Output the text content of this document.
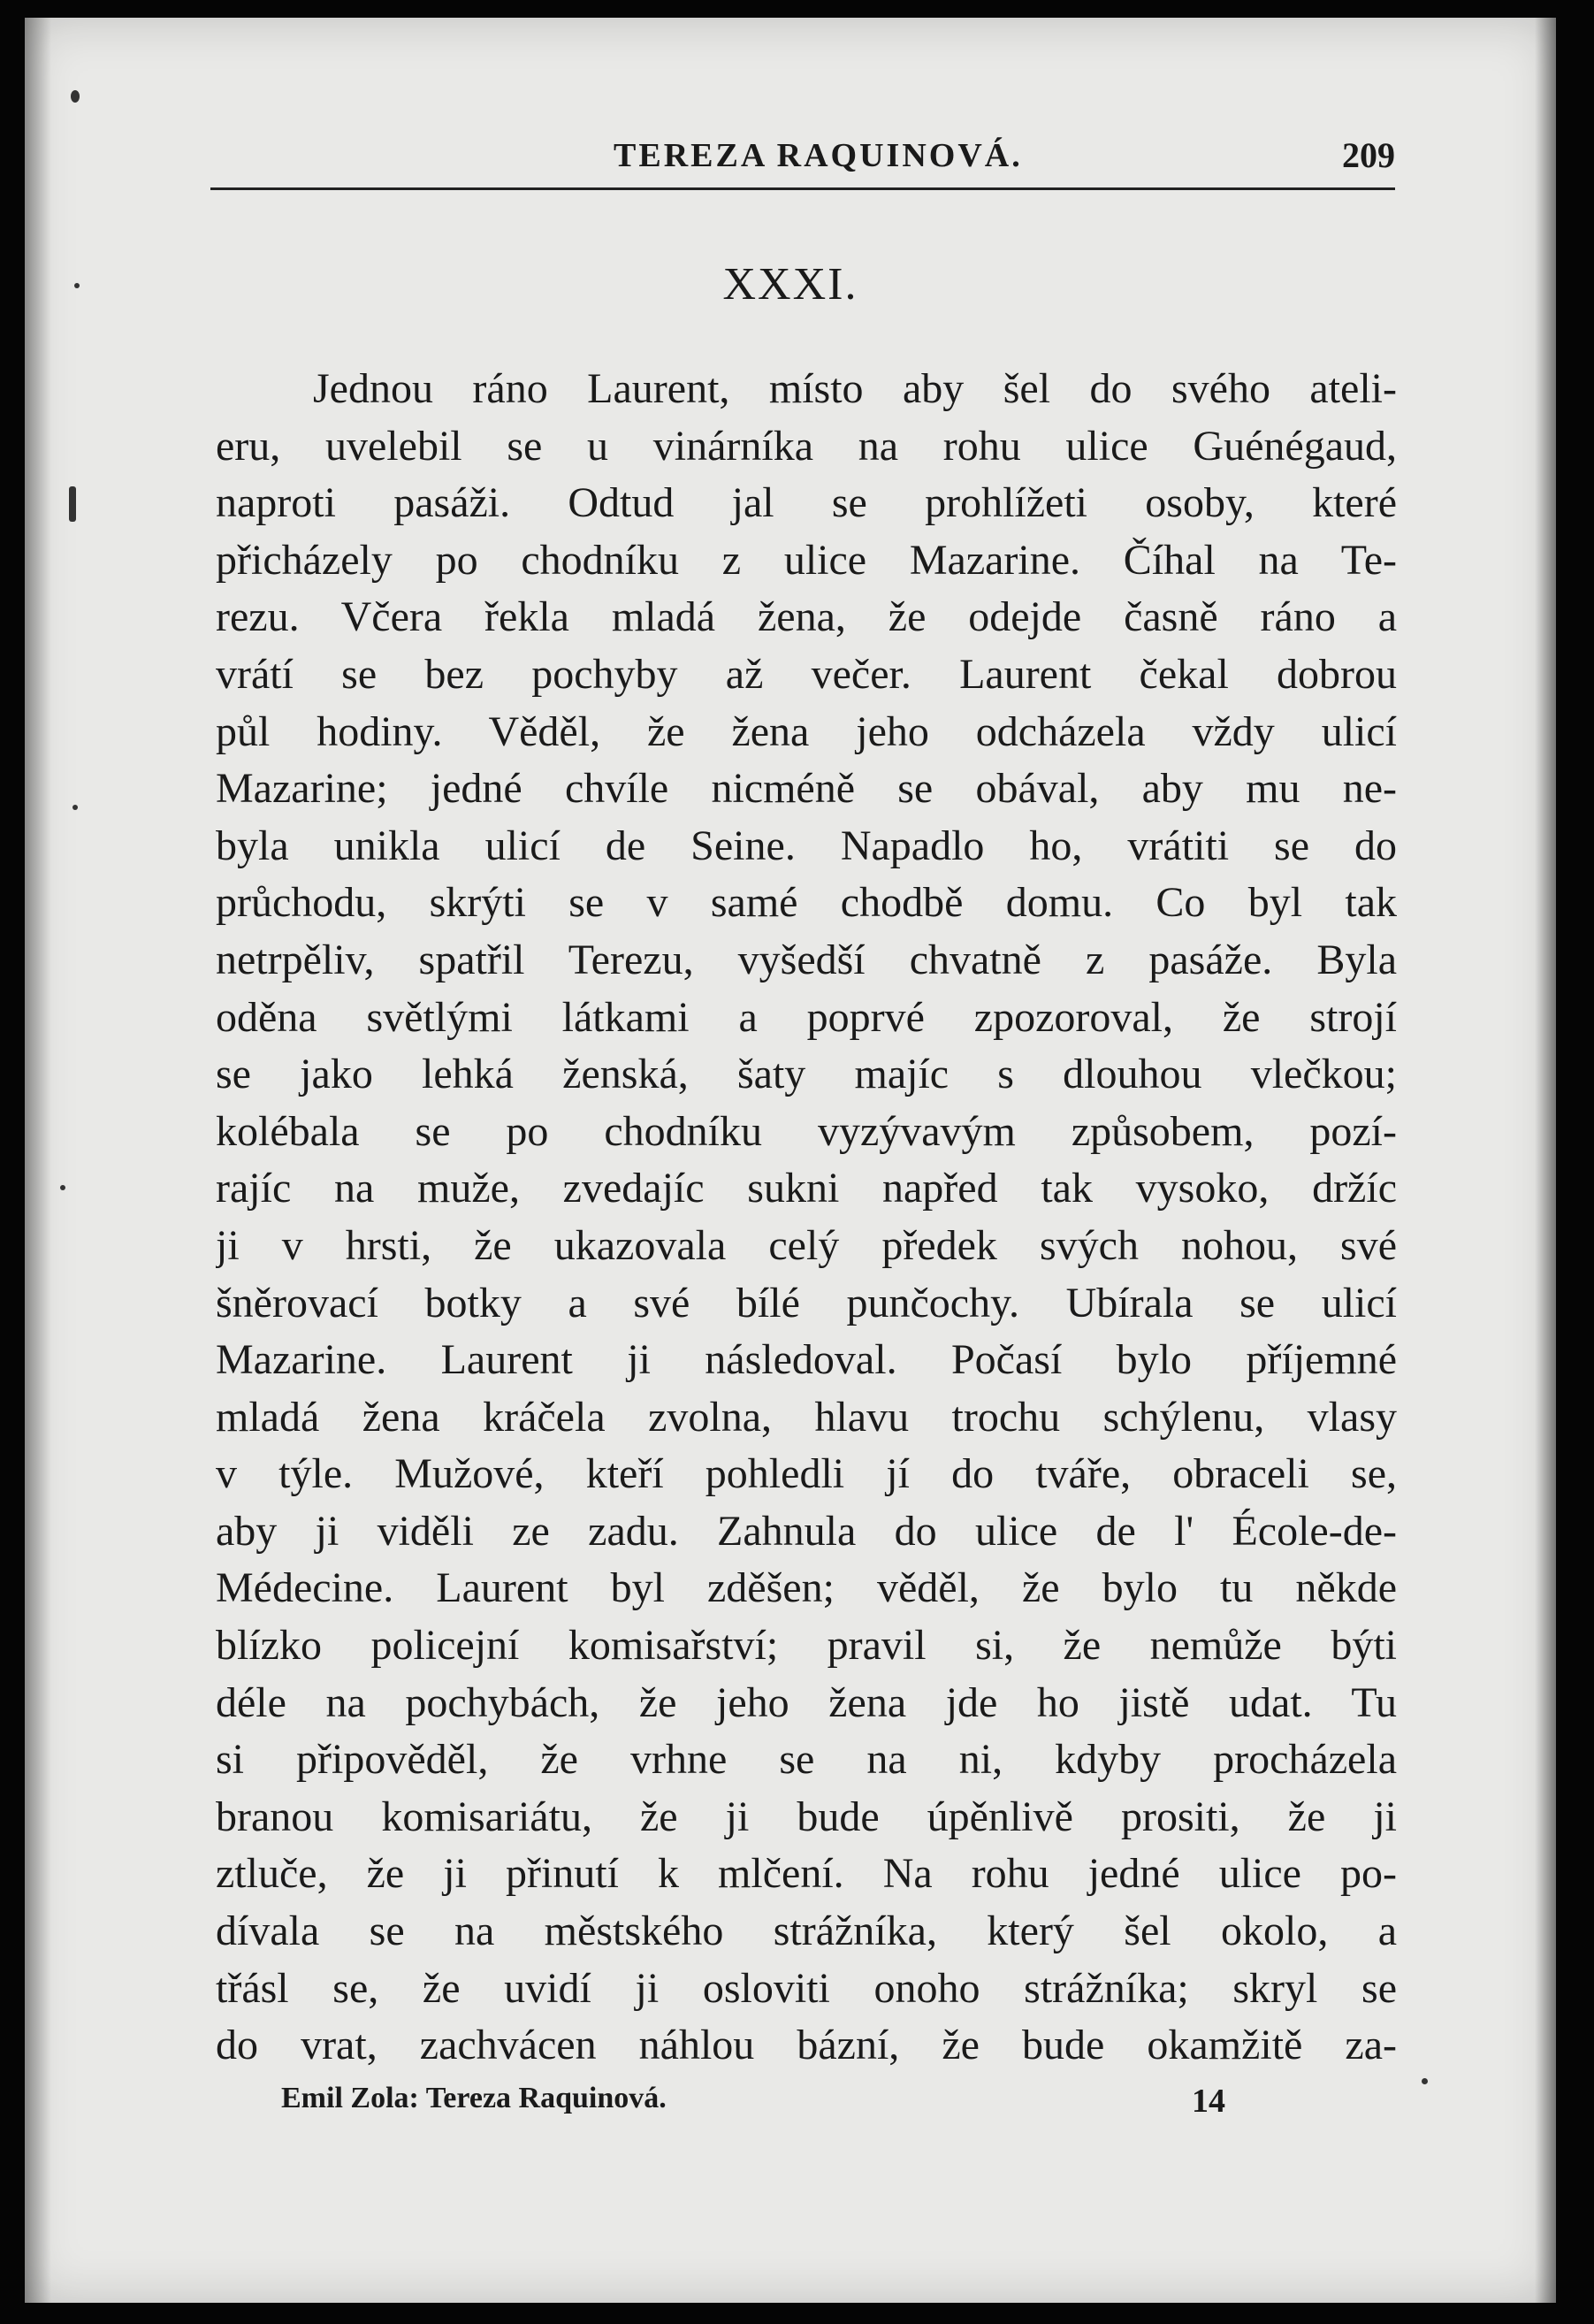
TEREZA RAQUINOVÁ.	209
XXXI.
Jednou ráno Laurent, místo aby šel do svého ateli-
eru, uvelebil se u vinárníka na rohu ulice Guénégaud,
naproti pasáži. Odtud jal se prohlížeti osoby, které
přicházely po chodníku z ulice Mazarine. Číhal na Te-
rezu. Včera řekla mladá žena, že odejde časně ráno a
vrátí se bez pochyby až večer. Laurent čekal dobrou
půl hodiny. Věděl, že žena jeho odcházela vždy ulicí
Mazarine; jedné chvíle nicméně se obával, aby mu ne-
byla unikla ulicí de Seine. Napadlo ho, vrátiti se do
průchodu, skrýti se v samé chodbě domu. Co byl tak
netrpěliv, spatřil Terezu, vyšedší chvatně z pasáže. Byla
oděna světlými látkami a poprvé zpozoroval, že strojí
se jako lehká ženská, šaty majíc s dlouhou vlečkou;
kolébala se po chodníku vyzývavým způsobem, pozí-
rajíc na muže, zvedajíc sukni napřed tak vysoko, držíc
ji v hrsti, že ukazovala celý předek svých nohou, své
šněrovací botky a své bílé punčochy. Ubírala se ulicí
Mazarine. Laurent ji následoval. Počasí bylo příjemné
mladá žena kráčela zvolna, hlavu trochu schýlenu, vlasy
v týle. Mužové, kteří pohledli jí do tváře, obraceli se,
aby ji viděli ze zadu. Zahnula do ulice de l' École-de-
Médecine. Laurent byl zděšen; věděl, že bylo tu někde
blízko policejní komisařství; pravil si, že nemůže býti
déle na pochybách, že jeho žena jde ho jistě udat. Tu
si připověděl, že vrhne se na ni, kdyby procházela
branou komisariátu, že ji bude úpěnlivě prositi, že ji
ztluče, že ji přinutí k mlčení. Na rohu jedné ulice po-
dívala se na městského strážníka, který šel okolo, a
třásl se, že uvidí ji osloviti onoho strážníka; skryl se
do vrat, zachvácen náhlou bázní, že bude okamžitě za-
Emil Zola: Tereza Raquinová.	14
